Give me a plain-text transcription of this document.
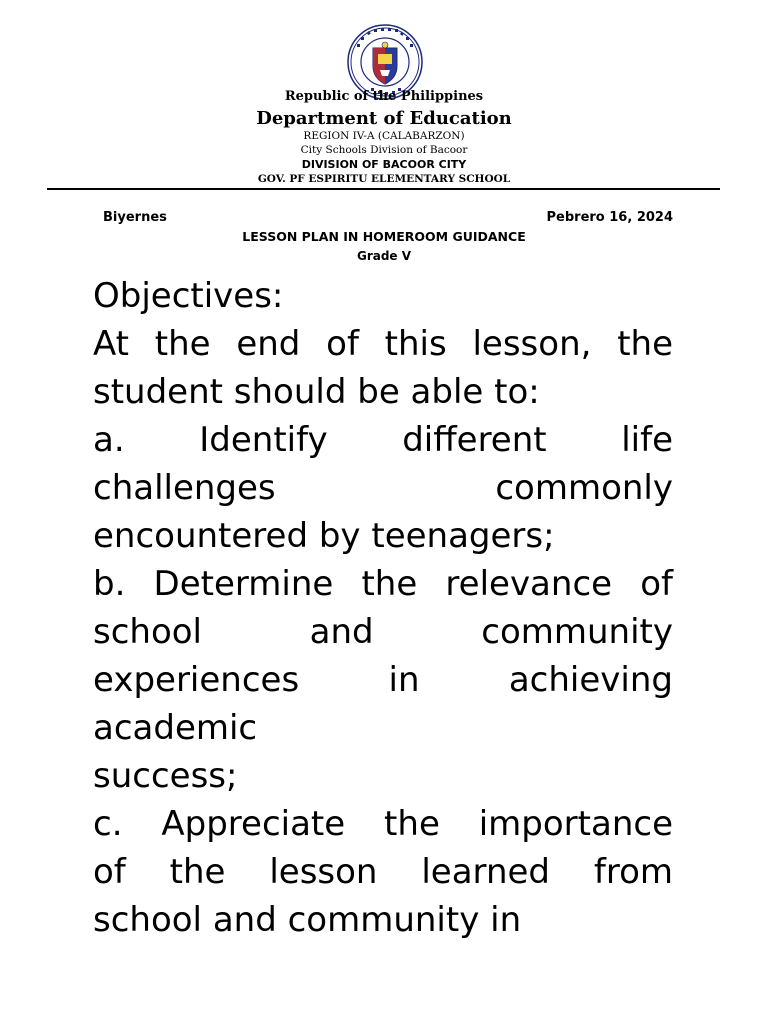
Republic of the Philippines
Department of Education
REGION IV-A (CALABARZON)
City Schools Division of Bacoor
DIVISION OF BACOOR CITY
GOV. PF ESPIRITU ELEMENTARY SCHOOL
Biyernes	Pebrero 16, 2024
LESSON PLAN IN HOMEROOM GUIDANCE
Grade V

Objectives:

At the end of this lesson, the

student should be able to:

a. Identify different life

challenges commonly

encountered by teenagers;

b. Determine the relevance of

school and community

experiences in achieving

academic

success;

c. Appreciate the importance

of the lesson learned from

school and community in
